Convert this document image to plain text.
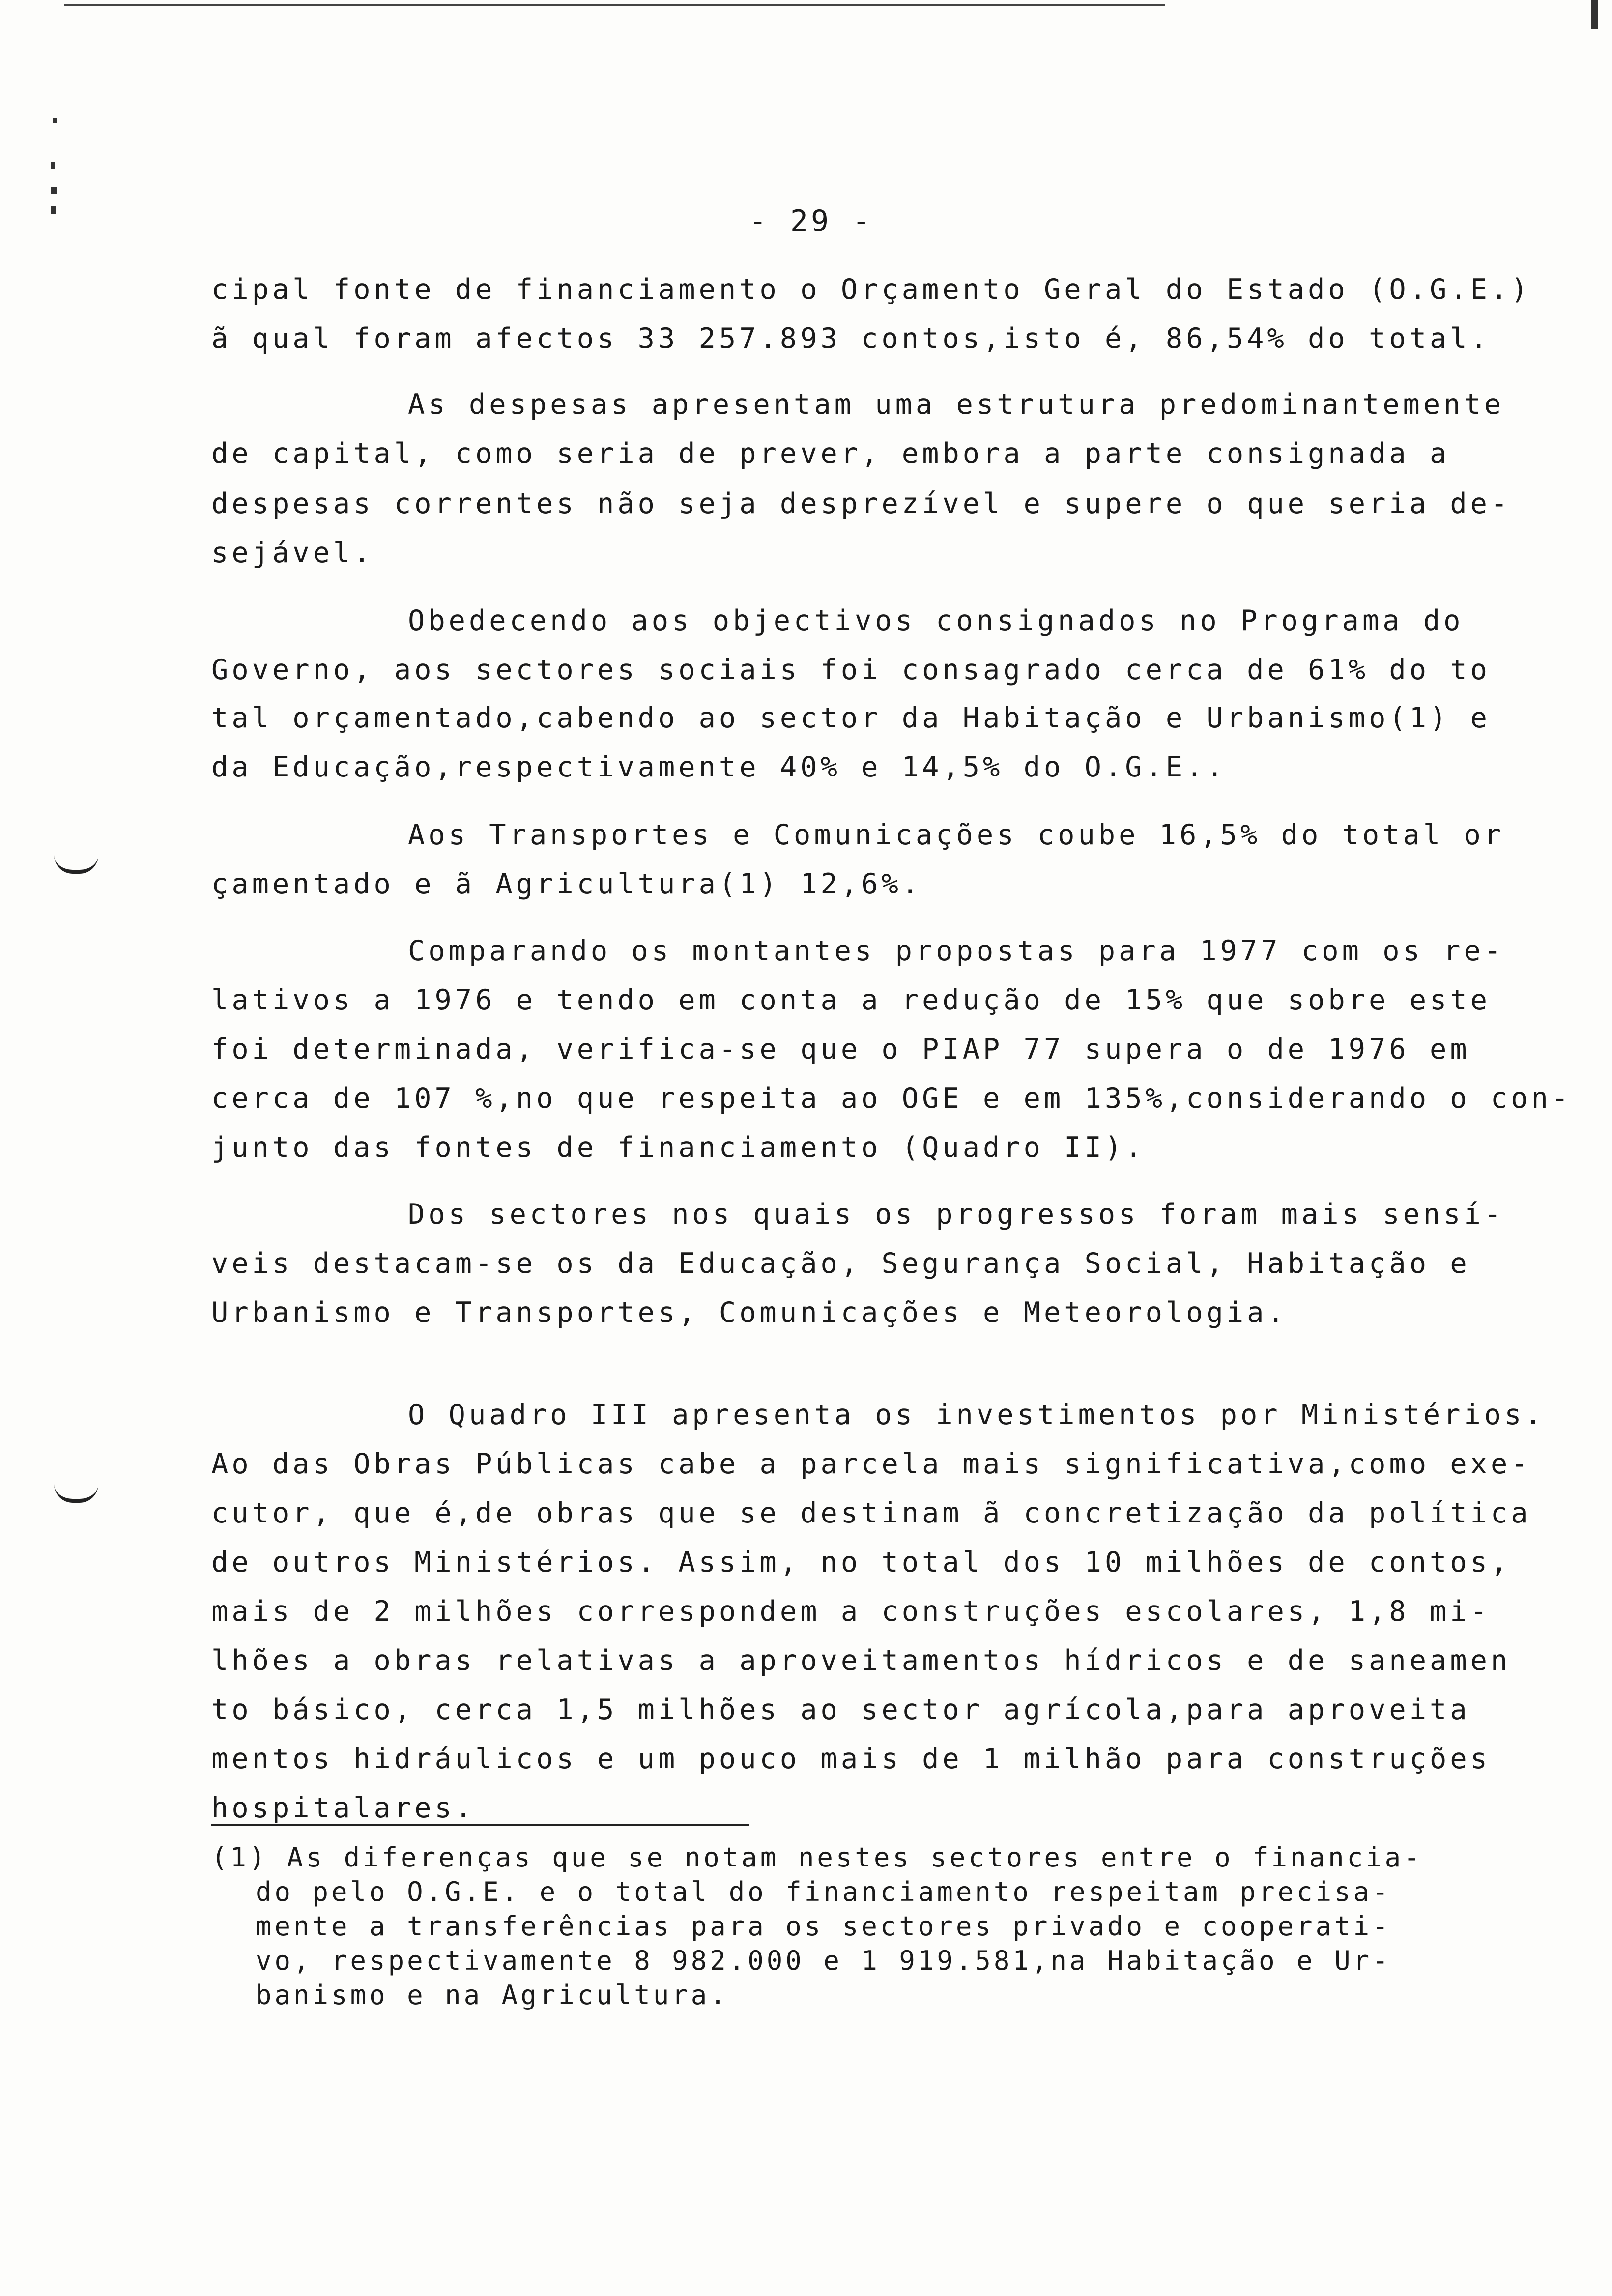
- 29 -
cipal fonte de financiamento o Orçamento Geral do Estado (O.G.E.)
ã qual foram afectos 33 257.893 contos,isto é, 86,54% do total.
As despesas apresentam uma estrutura predominantemente
de capital, como seria de prever, embora a parte consignada a
despesas correntes não seja desprezível e supere o que seria de-
sejável.
Obedecendo aos objectivos consignados no Programa do
Governo, aos sectores sociais foi consagrado cerca de 61% do to
tal orçamentado,cabendo ao sector da Habitação e Urbanismo(1) e
da Educação,respectivamente 40% e 14,5% do O.G.E..
Aos Transportes e Comunicações coube 16,5% do total or
çamentado e ã Agricultura(1) 12,6%.
Comparando os montantes propostas para 1977 com os re-
lativos a 1976 e tendo em conta a redução de 15% que sobre este
foi determinada, verifica-se que o PIAP 77 supera o de 1976 em
cerca de 107 %,no que respeita ao OGE e em 135%,considerando o con-
junto das fontes de financiamento (Quadro II).
Dos sectores nos quais os progressos foram mais sensí-
veis destacam-se os da Educação, Segurança Social, Habitação e
Urbanismo e Transportes, Comunicações e Meteorologia.
O Quadro III apresenta os investimentos por Ministérios.
Ao das Obras Públicas cabe a parcela mais significativa,como exe-
cutor, que é,de obras que se destinam ã concretização da política
de outros Ministérios. Assim, no total dos 10 milhões de contos,
mais de 2 milhões correspondem a construções escolares, 1,8 mi-
lhões a obras relativas a aproveitamentos hídricos e de saneamen
to básico, cerca 1,5 milhões ao sector agrícola,para aproveita
mentos hidráulicos e um pouco mais de 1 milhão para construções
hospitalares.
(1) As diferenças que se notam nestes sectores entre o financia-
do pelo O.G.E. e o total do financiamento respeitam precisa-
mente a transferências para os sectores privado e cooperati-
vo, respectivamente 8 982.000 e 1 919.581,na Habitação e Ur-
banismo e na Agricultura.
